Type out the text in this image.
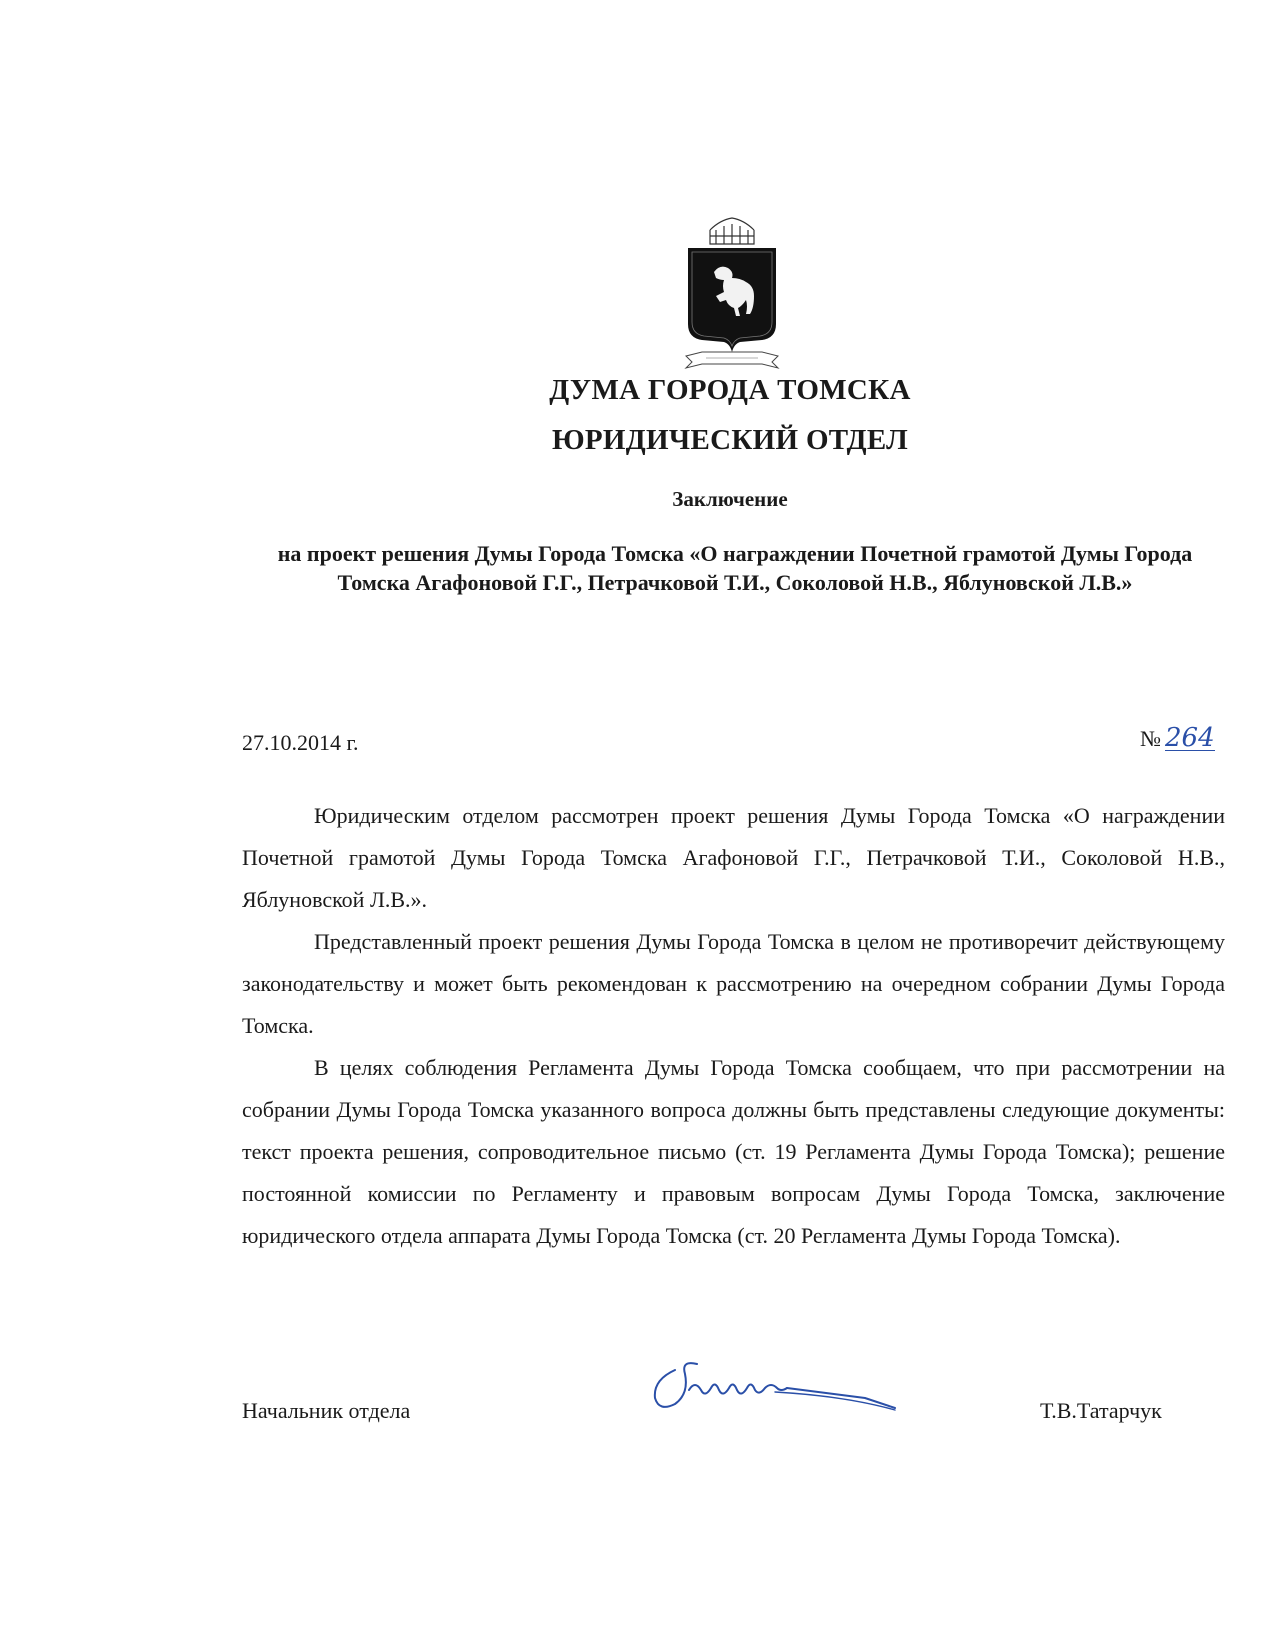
ДУМА ГОРОДА ТОМСКА
ЮРИДИЧЕСКИЙ ОТДЕЛ
Заключение
на проект решения Думы Города Томска «О награждении Почетной грамотой Думы Города Томска Агафоновой Г.Г., Петрачковой Т.И., Соколовой Н.В., Яблуновской Л.В.»
27.10.2014 г.	№ 264

Юридическим отделом рассмотрен проект решения Думы Города Томска «О награждении Почетной грамотой Думы Города Томска Агафоновой Г.Г., Петрачковой Т.И., Соколовой Н.В., Яблуновской Л.В.».

Представленный проект решения Думы Города Томска в целом не противоречит действующему законодательству и может быть рекомендован к рассмотрению на очередном собрании Думы Города Томска.

В целях соблюдения Регламента Думы Города Томска сообщаем, что при рассмотрении на собрании Думы Города Томска указанного вопроса должны быть представлены следующие документы: текст проекта решения, сопроводительное письмо (ст. 19 Регламента Думы Города Томска); решение постоянной комиссии по Регламенту и правовым вопросам Думы Города Томска, заключение юридического отдела аппарата Думы Города Томска (ст. 20 Регламента Думы Города Томска).

Начальник отдела	Т.В.Татарчук
